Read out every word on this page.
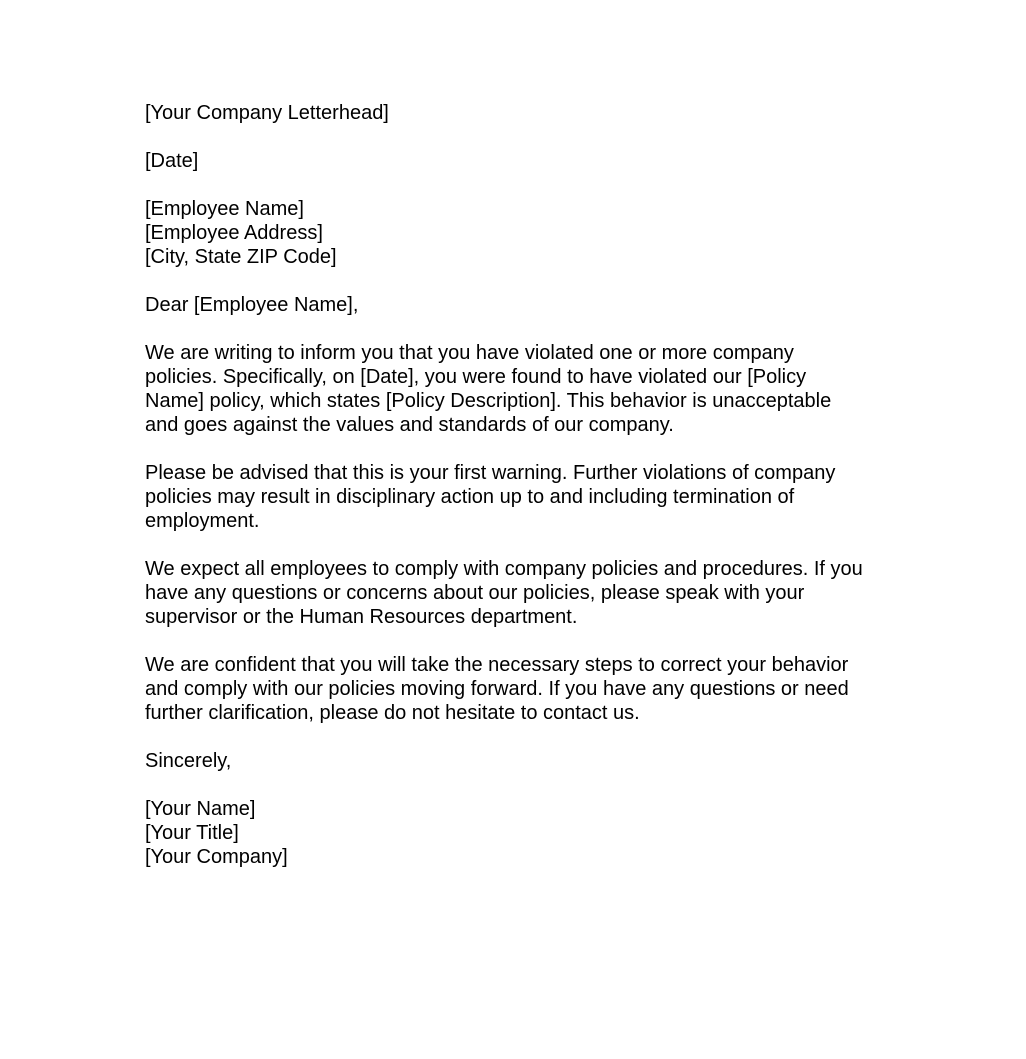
[Your Company Letterhead]
[Date]
[Employee Name]
[Employee Address]
[City, State ZIP Code]
Dear [Employee Name],
We are writing to inform you that you have violated one or more company policies. Specifically, on [Date], you were found to have violated our [Policy Name] policy, which states [Policy Description]. This behavior is unacceptable and goes against the values and standards of our company.
Please be advised that this is your first warning. Further violations of company policies may result in disciplinary action up to and including termination of employment.
We expect all employees to comply with company policies and procedures. If you have any questions or concerns about our policies, please speak with your supervisor or the Human Resources department.
We are confident that you will take the necessary steps to correct your behavior and comply with our policies moving forward. If you have any questions or need further clarification, please do not hesitate to contact us.
Sincerely,
[Your Name]
[Your Title]
[Your Company]
